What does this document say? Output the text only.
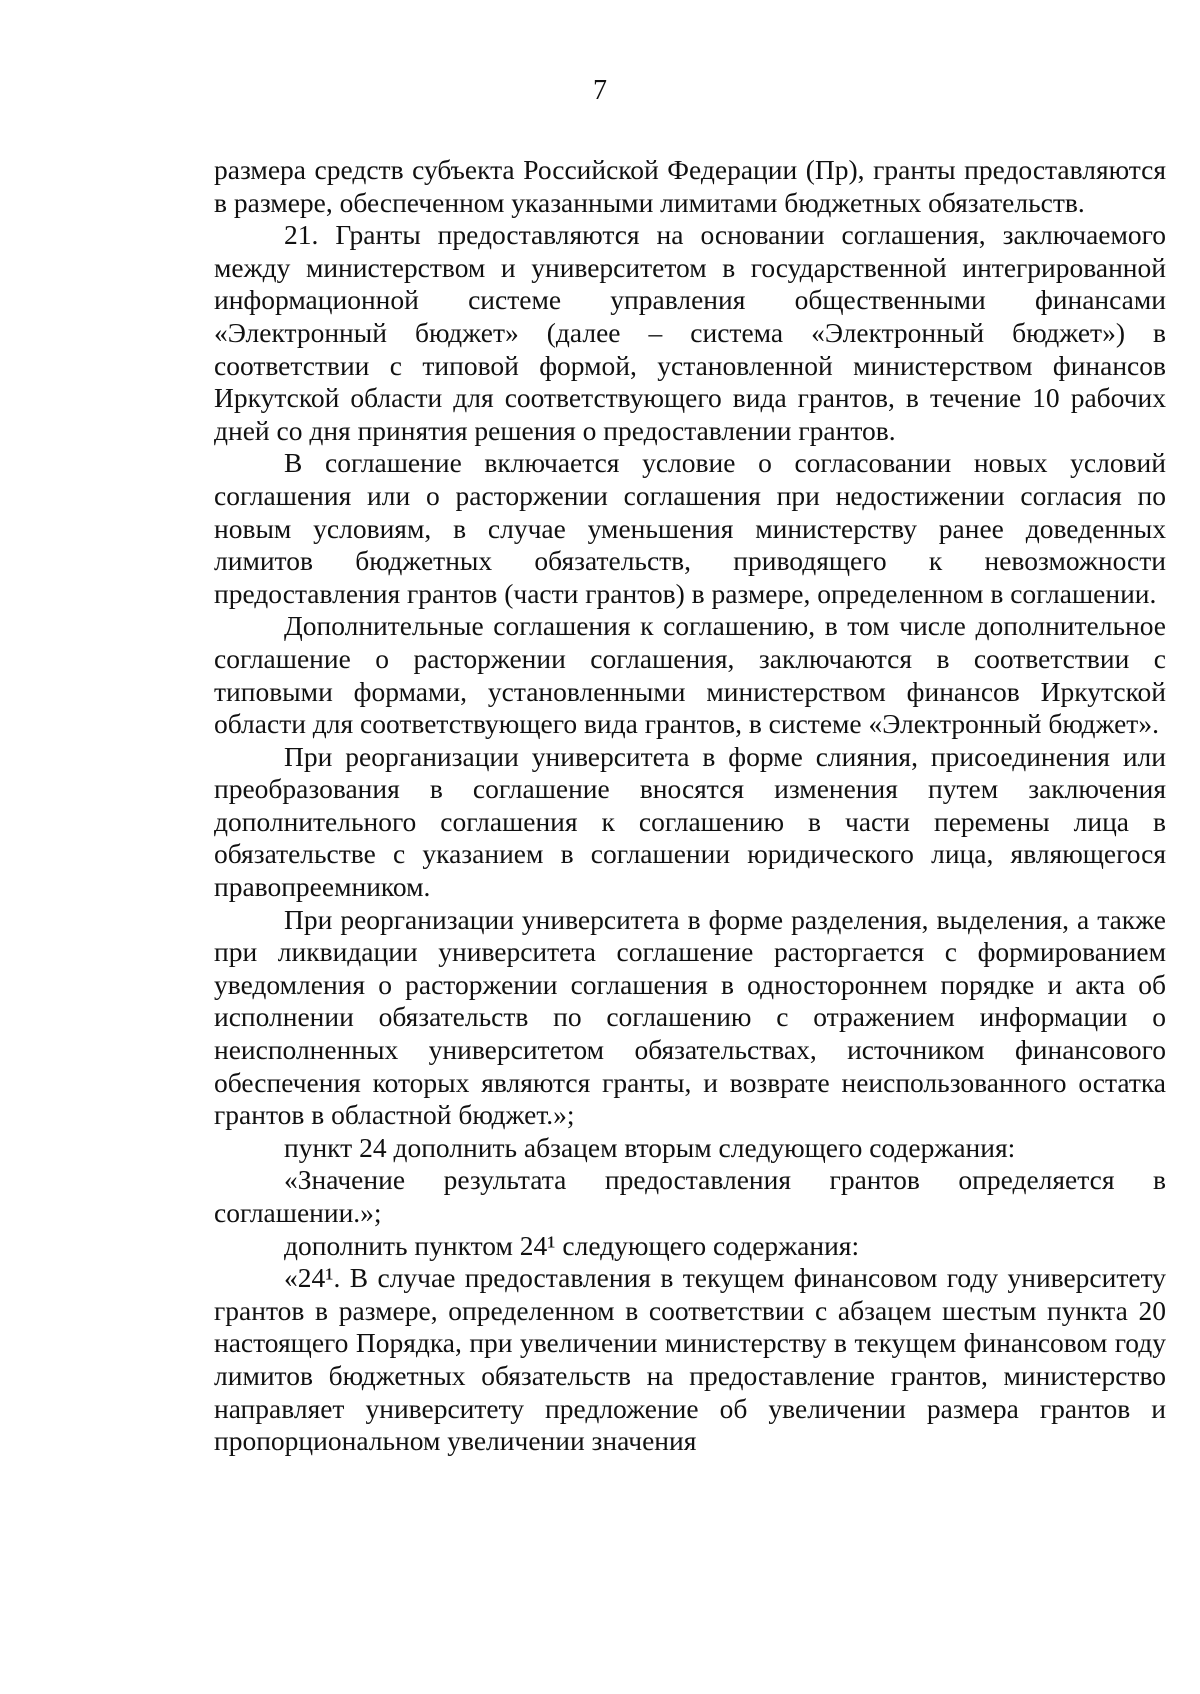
7

размера средств субъекта Российской Федерации (Пр), гранты предоставляются в размере, обеспеченном указанными лимитами бюджетных обязательств.

21. Гранты предоставляются на основании соглашения, заключаемого между министерством и университетом в государственной интегрированной информационной системе управления общественными финансами «Электронный бюджет» (далее – система «Электронный бюджет») в соответствии с типовой формой, установленной министерством финансов Иркутской области для соответствующего вида грантов, в течение 10 рабочих дней со дня принятия решения о предоставлении грантов.

В соглашение включается условие о согласовании новых условий соглашения или о расторжении соглашения при недостижении согласия по новым условиям, в случае уменьшения министерству ранее доведенных лимитов бюджетных обязательств, приводящего к невозможности предоставления грантов (части грантов) в размере, определенном в соглашении.

Дополнительные соглашения к соглашению, в том числе дополнительное соглашение о расторжении соглашения, заключаются в соответствии с типовыми формами, установленными министерством финансов Иркутской области для соответствующего вида грантов, в системе «Электронный бюджет».

При реорганизации университета в форме слияния, присоединения или преобразования в соглашение вносятся изменения путем заключения дополнительного соглашения к соглашению в части перемены лица в обязательстве с указанием в соглашении юридического лица, являющегося правопреемником.

При реорганизации университета в форме разделения, выделения, а также при ликвидации университета соглашение расторгается с формированием уведомления о расторжении соглашения в одностороннем порядке и акта об исполнении обязательств по соглашению с отражением информации о неисполненных университетом обязательствах, источником финансового обеспечения которых являются гранты, и возврате неиспользованного остатка грантов в областной бюджет.»;

пункт 24 дополнить абзацем вторым следующего содержания:

«Значение результата предоставления грантов определяется в соглашении.»;

дополнить пунктом 24¹ следующего содержания:

«24¹. В случае предоставления в текущем финансовом году университету грантов в размере, определенном в соответствии с абзацем шестым пункта 20 настоящего Порядка, при увеличении министерству в текущем финансовом году лимитов бюджетных обязательств на предоставление грантов, министерство направляет университету предложение об увеличении размера грантов и пропорциональном увеличении значения
